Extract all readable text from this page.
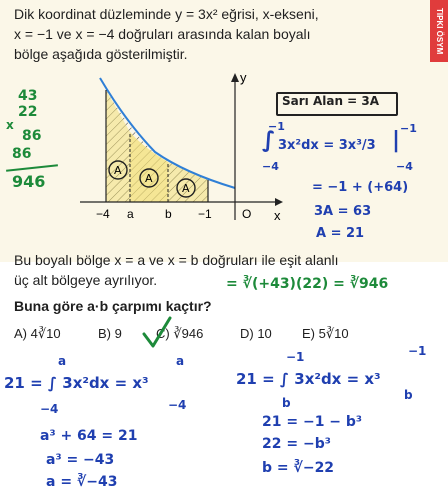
TIPKI ÖSYM
Dik koordinat düzleminde y = 3x² eğrisi, x-ekseni,
x = −1 ve x = −4 doğruları arasında kalan boyalı
bölge aşağıda gösterilmiştir.
A
A
A
y
x
−4 a	b −1	O
43
22
x
86
86
946
Sarı Alan = 3A
−1
∫
−4
3x²dx = 3x³/3
−1
|
−4
= −1 + (+64)
3A = 63
A = 21
Bu boyalı bölge x = a ve x = b doğruları ile eşit alanlı
üç alt bölgeye ayrılıyor.
Buna göre a·b çarpımı kaçtır?
= ∛(+43)(22) = ∛946
A) 4∛10	B) 9	C) ∛946	D) 10 E) 5∛10
21 = ∫ 3x²dx = x³
a
−4
a
−4
a³ + 64 = 21
a³ = −43
a = ∛−43
21 = ∫ 3x²dx = x³
−1
b
−1
b
21 = −1 − b³
22 = −b³
b = ∛−22
